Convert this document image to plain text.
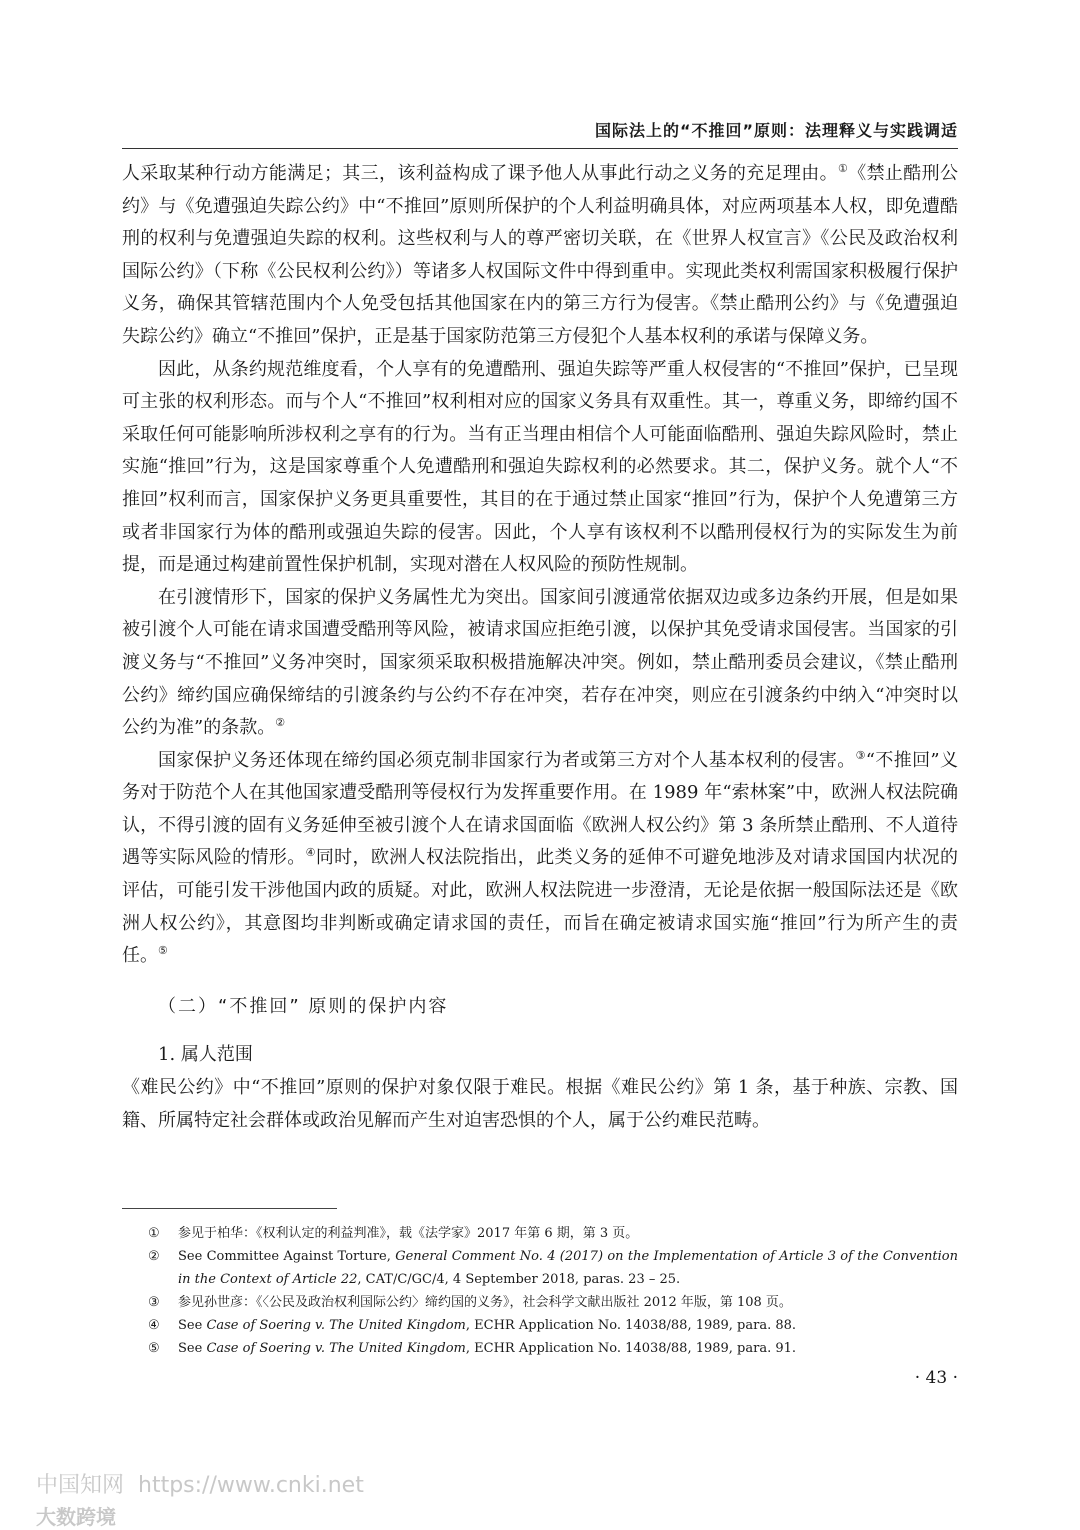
国际法上的“不推回”原则：法理释义与实践调适

人采取某种行动方能满足；其三，该利益构成了课予他人从事此行动之义务的充足理由。①《禁止酷刑公约》与《免遭强迫失踪公约》中“不推回”原则所保护的个人利益明确具体，对应两项基本人权，即免遭酷刑的权利与免遭强迫失踪的权利。这些权利与人的尊严密切关联，在《世界人权宣言》《公民及政治权利国际公约》（下称《公民权利公约》）等诸多人权国际文件中得到重申。实现此类权利需国家积极履行保护义务，确保其管辖范围内个人免受包括其他国家在内的第三方行为侵害。《禁止酷刑公约》与《免遭强迫失踪公约》确立“不推回”保护，正是基于国家防范第三方侵犯个人基本权利的承诺与保障义务。

因此，从条约规范维度看，个人享有的免遭酷刑、强迫失踪等严重人权侵害的“不推回”保护，已呈现可主张的权利形态。而与个人“不推回”权利相对应的国家义务具有双重性。其一，尊重义务，即缔约国不采取任何可能影响所涉权利之享有的行为。当有正当理由相信个人可能面临酷刑、强迫失踪风险时，禁止实施“推回”行为，这是国家尊重个人免遭酷刑和强迫失踪权利的必然要求。其二，保护义务。就个人“不推回”权利而言，国家保护义务更具重要性，其目的在于通过禁止国家“推回”行为，保护个人免遭第三方或者非国家行为体的酷刑或强迫失踪的侵害。因此，个人享有该权利不以酷刑侵权行为的实际发生为前提，而是通过构建前置性保护机制，实现对潜在人权风险的预防性规制。

在引渡情形下，国家的保护义务属性尤为突出。国家间引渡通常依据双边或多边条约开展，但是如果被引渡个人可能在请求国遭受酷刑等风险，被请求国应拒绝引渡，以保护其免受请求国侵害。当国家的引渡义务与“不推回”义务冲突时，国家须采取积极措施解决冲突。例如，禁止酷刑委员会建议，《禁止酷刑公约》缔约国应确保缔结的引渡条约与公约不存在冲突，若存在冲突，则应在引渡条约中纳入“冲突时以公约为准”的条款。②

国家保护义务还体现在缔约国必须克制非国家行为者或第三方对个人基本权利的侵害。③“不推回”义务对于防范个人在其他国家遭受酷刑等侵权行为发挥重要作用。在 1989 年“索林案”中，欧洲人权法院确认，不得引渡的固有义务延伸至被引渡个人在请求国面临《欧洲人权公约》第 3 条所禁止酷刑、不人道待遇等实际风险的情形。④同时，欧洲人权法院指出，此类义务的延伸不可避免地涉及对请求国国内状况的评估，可能引发干涉他国内政的质疑。对此，欧洲人权法院进一步澄清，无论是依据一般国际法还是《欧洲人权公约》，其意图均非判断或确定请求国的责任，而旨在确定被请求国实施“推回”行为所产生的责任。⑤

（二）“不推回” 原则的保护内容

1. 属人范围

《难民公约》中“不推回”原则的保护对象仅限于难民。根据《难民公约》第 1 条，基于种族、宗教、国籍、所属特定社会群体或政治见解而产生对迫害恐惧的个人，属于公约难民范畴。

①	参见于柏华：《权利认定的利益判准》，载《法学家》2017 年第 6 期，第 3 页。
②	See Committee Against Torture, General Comment No. 4 (2017) on the Implementation of Article 3 of the Convention in the Context of Article 22, CAT/C/GC/4, 4 September 2018, paras. 23 – 25.
③	参见孙世彦：《〈公民及政治权利国际公约〉缔约国的义务》，社会科学文献出版社 2012 年版，第 108 页。
④	See Case of Soering v. The United Kingdom, ECHR Application No. 14038/88, 1989, para. 88.
⑤	See Case of Soering v. The United Kingdom, ECHR Application No. 14038/88, 1989, para. 91.
· 43 ·
中国知网 https://www.cnki.net
大数跨境
